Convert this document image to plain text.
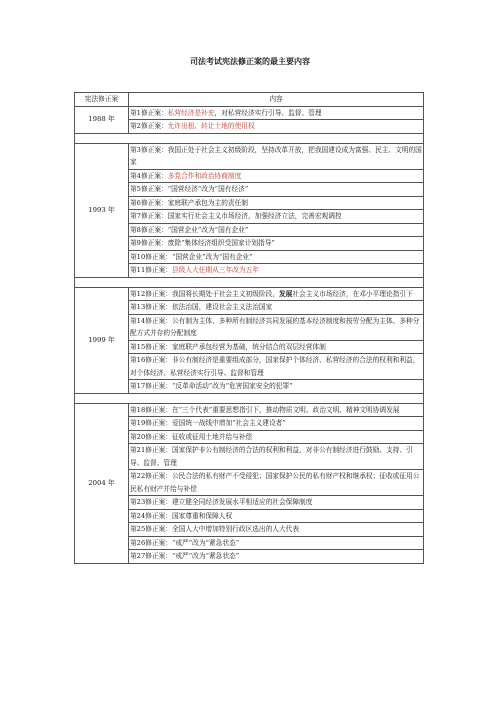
司法考试宪法修正案的最主要内容
宪法修正案	内容
1988 年	第1修正案：私营经济是补充，对私营经济实行引导、监督、管理
	第2修正案：允许出租、转让土地的使用权

1993 年	第3修正案：我国正处于社会主义初级阶段，坚持改革开放，把我国建设成为富强、民主、文明的国家
	第4修正案：多党合作和政治协商制度
	第5修正案：“国营经济”改为“国有经济”
	第6修正案：家庭联产承包为主的责任制
	第7修正案：国家实行社会主义市场经济，加强经济立法，完善宏观调控
	第8修正案：“国营企业”改为“国有企业”
	第9修正案：废除“集体经济组织受国家计划指导”
	第10修正案：“国营企业”改为“国有企业”
	第11修正案：县级人大任期从三年改为五年

1999 年	第12修正案：我国将长期处于社会主义初级阶段，发展社会主义市场经济，在邓小平理论指引下
	第13修正案：依法治国，建设社会主义法治国家
	第14修正案：公有制为主体、多种所有制经济共同发展的基本经济制度和按劳分配为主体、多种分配方式并存的分配制度
	第15修正案：家庭联产承包经营为基础，统分结合的双层经营体制
	第16修正案：非公有制经济是重要组成部分，国家保护个体经济、私营经济的合法的权利和利益，对个体经济、私营经济实行引导、监督和管理
	第17修正案：“反革命活动”改为“危害国家安全的犯罪”

2004 年	第18修正案：在“三个代表”重要思想指引下，推动物质文明、政治文明、精神文明协调发展
	第19修正案：爱国统一战线中增加“社会主义建设者”
	第20修正案：征收或征用土地并给与补偿
	第21修正案：国家保护非公有制经济的合法的权利和利益，对非公有制经济进行鼓励、支持、引导、监督、管理
	第22修正案：公民合法的私有财产不受侵犯；国家保护公民的私有财产权和继承权；征收或征用公民私有财产并给与补偿
	第23修正案：建立健全同经济发展水平相适应的社会保障制度
	第24修正案：国家尊重和保障人权
	第25修正案：全国人大中增加特别行政区选出的人大代表
	第26修正案：“戒严”改为“紧急状态”
	第27修正案：“戒严”改为“紧急状态”
